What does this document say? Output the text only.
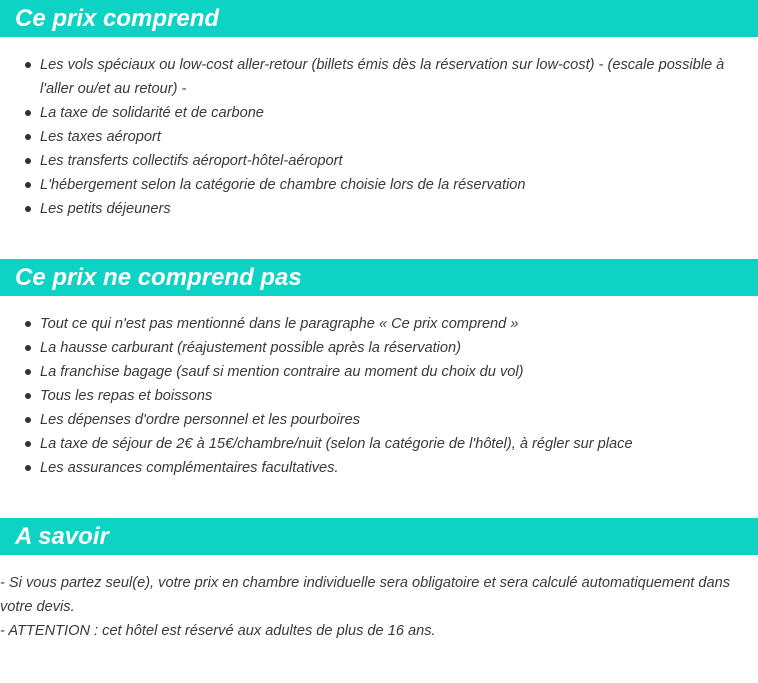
Ce prix comprend
Les vols spéciaux ou low-cost aller-retour (billets émis dès la réservation sur low-cost) - (escale possible à l'aller ou/et au retour) -
La taxe de solidarité et de carbone
Les taxes aéroport
Les transferts collectifs aéroport-hôtel-aéroport
L'hébergement selon la catégorie de chambre choisie lors de la réservation
Les petits déjeuners
Ce prix ne comprend pas
Tout ce qui n'est pas mentionné dans le paragraphe « Ce prix comprend »
La hausse carburant (réajustement possible après la réservation)
La franchise bagage (sauf si mention contraire au moment du choix du vol)
Tous les repas et boissons
Les dépenses d'ordre personnel et les pourboires
La taxe de séjour de 2€ à 15€/chambre/nuit (selon la catégorie de l'hôtel), à régler sur place
Les assurances complémentaires facultatives.
A savoir

- Si vous partez seul(e), votre prix en chambre individuelle sera obligatoire et sera calculé automatiquement dans votre devis.

- ATTENTION : cet hôtel est réservé aux adultes de plus de 16 ans.
